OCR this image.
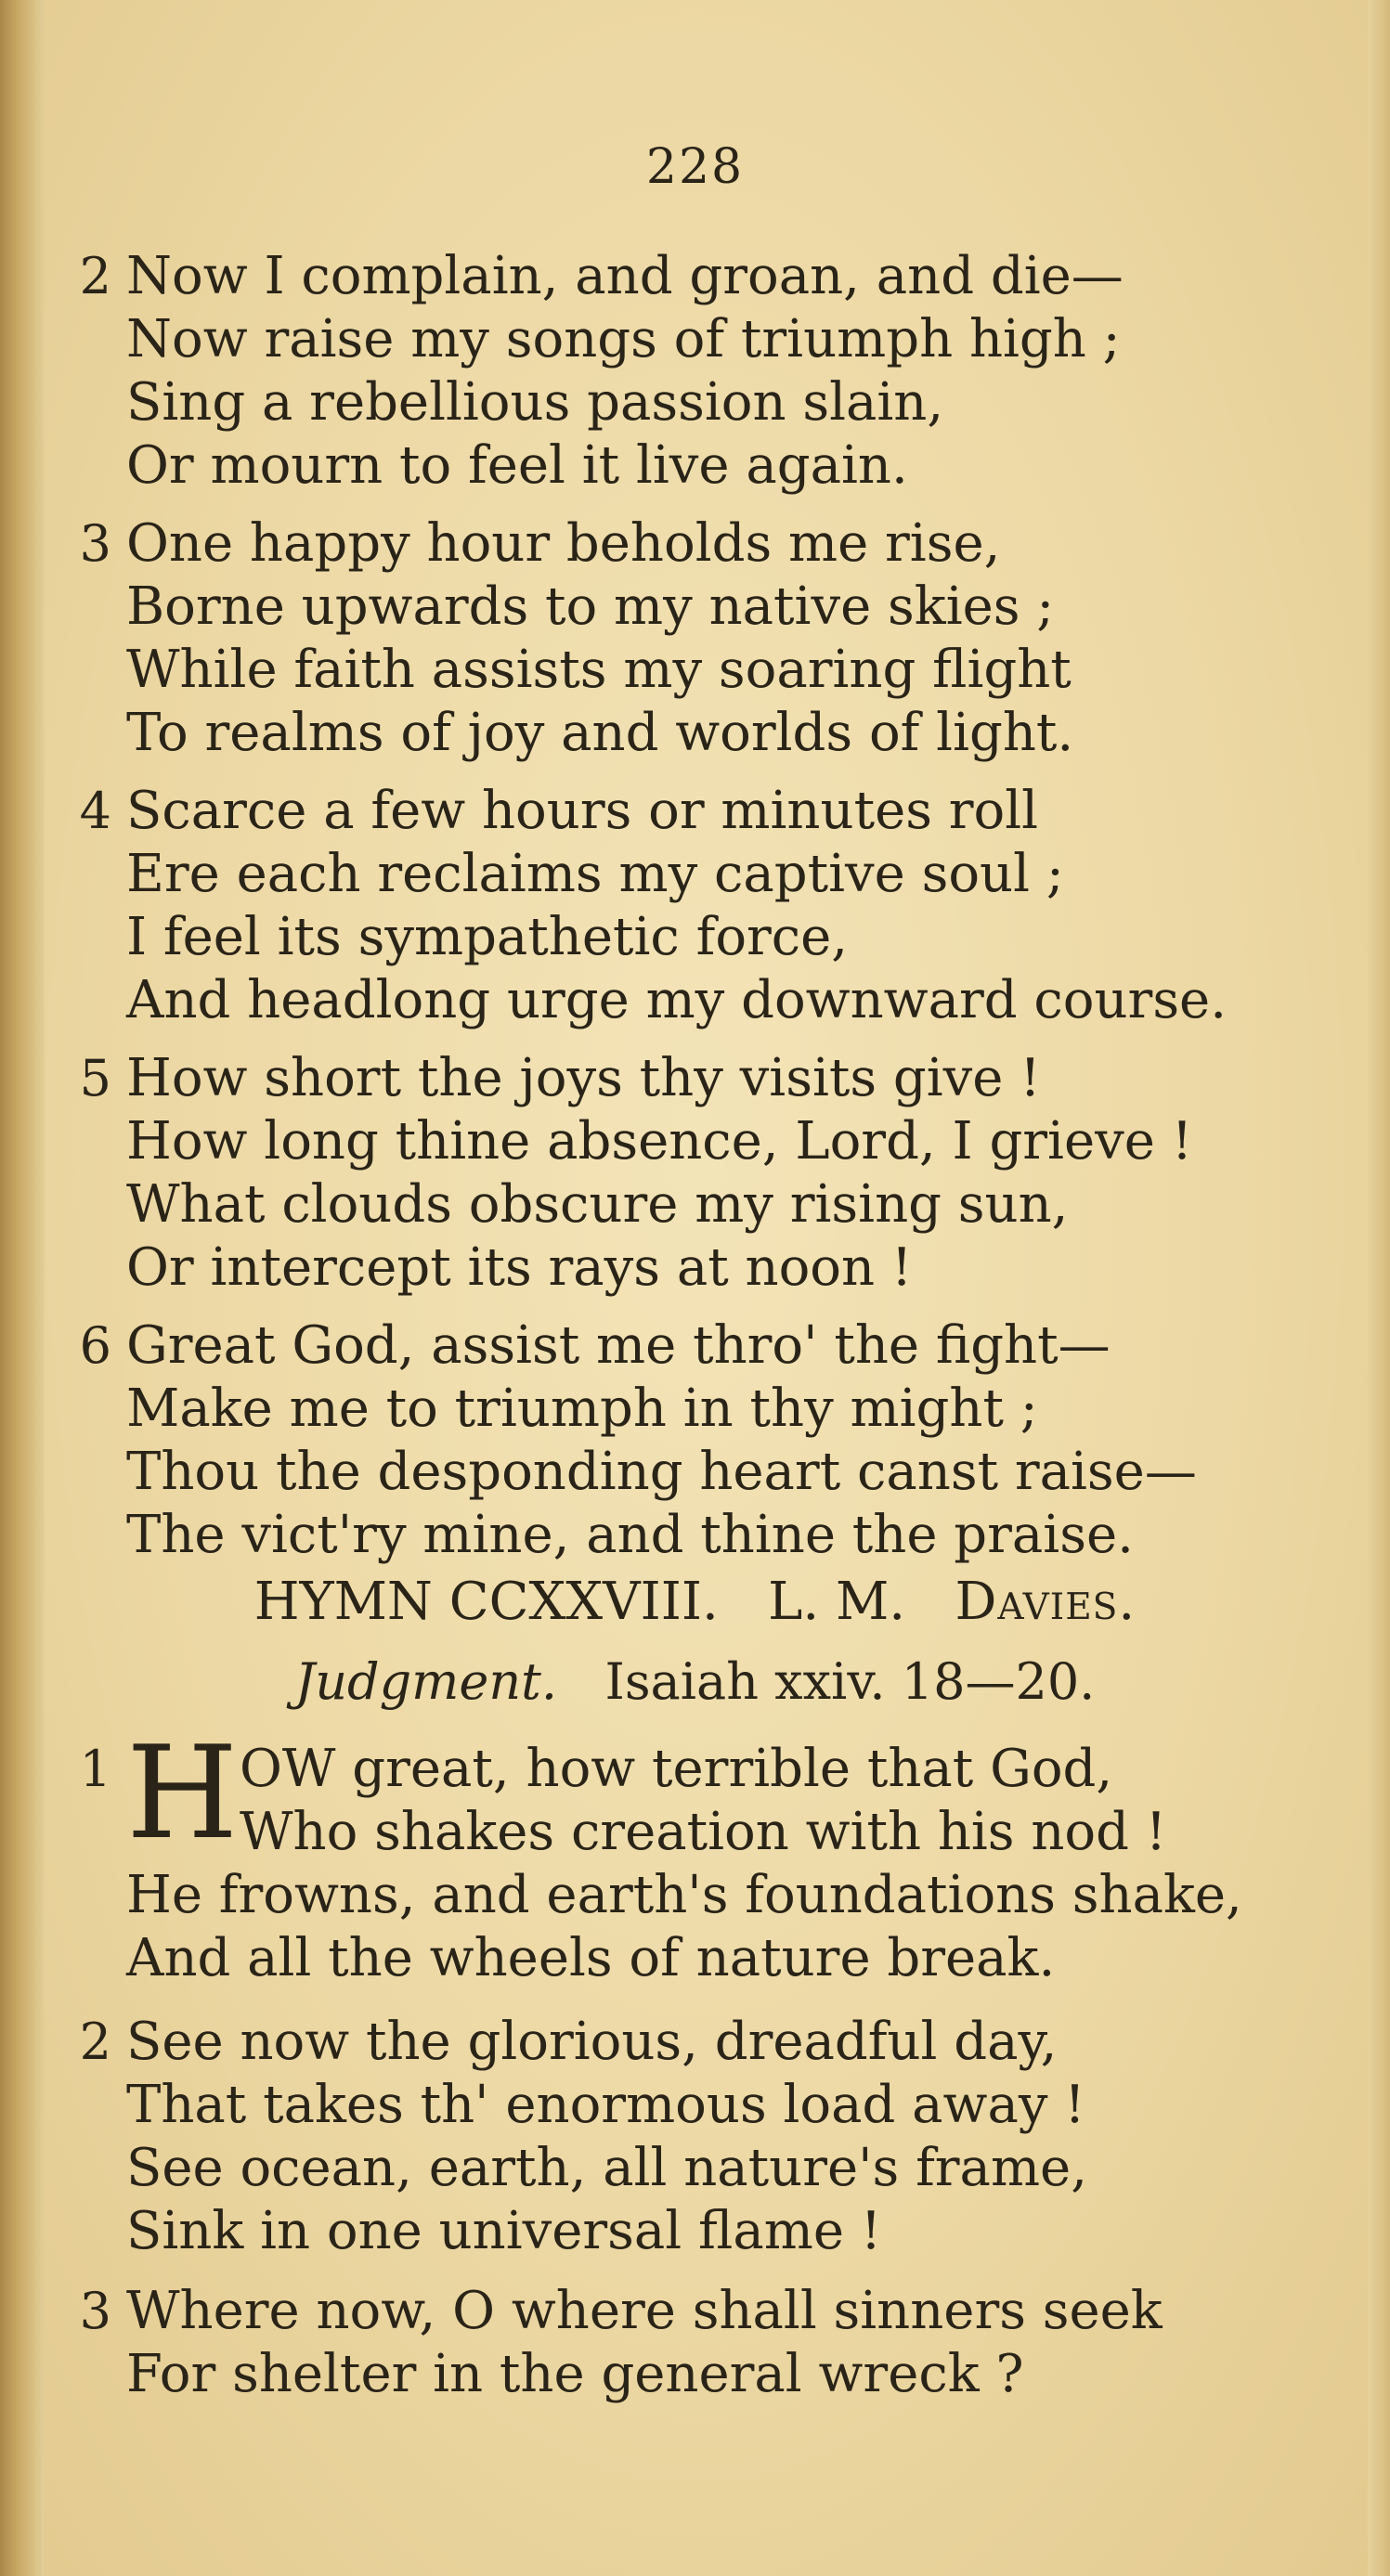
228
2 Now I complain, and groan, and die—
Now raise my songs of triumph high ;
Sing a rebellious passion slain,
Or mourn to feel it live again.
3 One happy hour beholds me rise,
Borne upwards to my native skies ;
While faith assists my soaring flight
To realms of joy and worlds of light.
4 Scarce a few hours or minutes roll
Ere each reclaims my captive soul ;
I feel its sympathetic force,
And headlong urge my downward course.
5 How short the joys thy visits give !
How long thine absence, Lord, I grieve !
What clouds obscure my rising sun,
Or intercept its rays at noon !
6 Great God, assist me thro' the fight—
Make me to triumph in thy might ;
Thou the desponding heart canst raise—
The vict'ry mine, and thine the praise.
HYMN CCXXVIII. L. M. Davies.
Judgment. Isaiah xxiv. 18—20.
1 H OW great, how terrible that God,
Who shakes creation with his nod !
He frowns, and earth's foundations shake,
And all the wheels of nature break.
2 See now the glorious, dreadful day,
That takes th' enormous load away !
See ocean, earth, all nature's frame,
Sink in one universal flame !
3 Where now, O where shall sinners seek
For shelter in the general wreck ?
